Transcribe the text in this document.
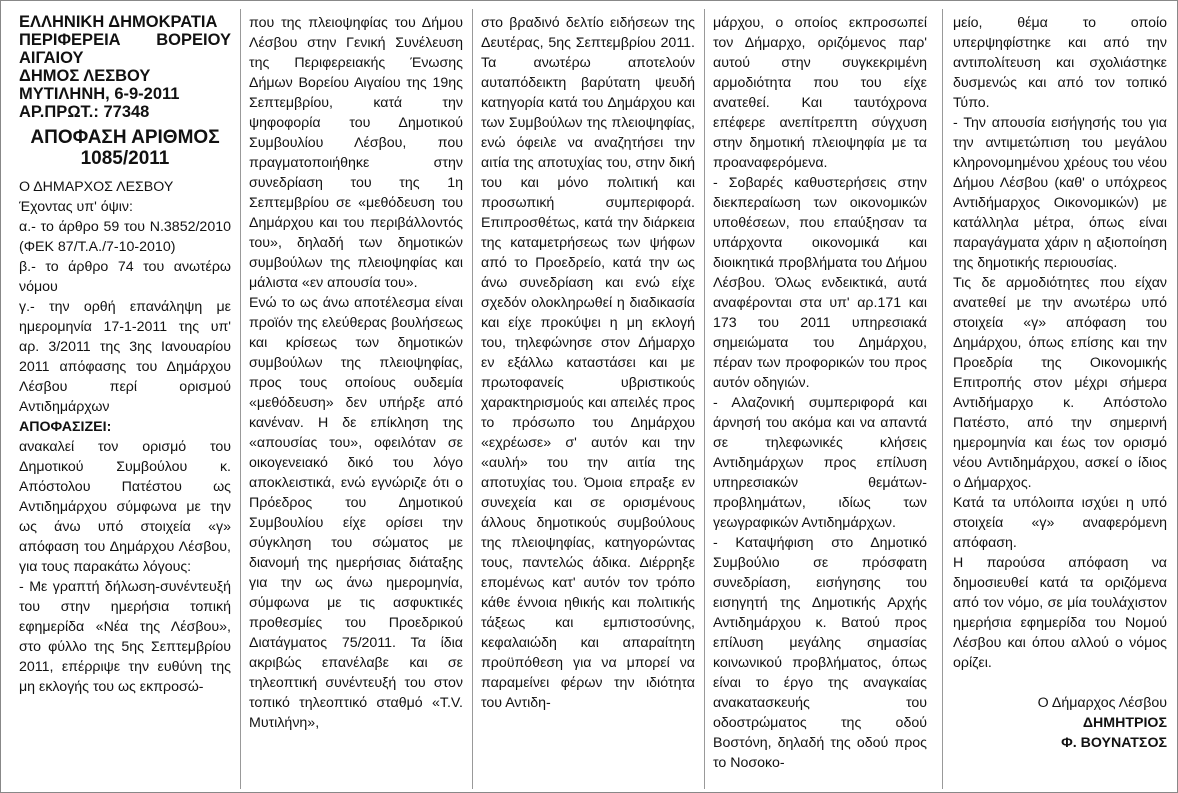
ΕΛΛΗΝΙΚΗ ΔΗΜΟΚΡΑΤΙΑ

ΠΕΡΙΦΕΡΕΙΑ ΒΟΡΕΙΟΥ ΑΙΓΑΙΟΥ

ΔΗΜΟΣ ΛΕΣΒΟΥ

ΜΥΤΙΛΗΝΗ, 6-9-2011

ΑΡ.ΠΡΩΤ.: 77348

ΑΠΟΦΑΣΗ ΑΡΙΘΜΟΣ
1085/2011

Ο ΔΗΜΑΡΧΟΣ ΛΕΣΒΟΥ

Έχοντας υπ' όψιν:

α.- το άρθρο 59 του Ν.3852/2010 (ΦΕΚ 87/Τ.Α./7-10-2010)

β.- το άρθρο 74 του ανωτέρω νόμου

γ.- την ορθή επανάληψη με ημερομηνία 17-1-2011 της υπ' αρ. 3/2011 της 3ης Ιανουαρίου 2011 απόφασης του Δημάρχου Λέσβου περί ορισμού Αντιδημάρχων

ΑΠΟΦΑΣΙΖΕΙ:

ανακαλεί τον ορισμό του Δημοτικού Συμβούλου κ. Απόστολου Πατέστου ως Αντιδημάρχου σύμφωνα με την ως άνω υπό στοιχεία «γ» απόφαση του Δημάρχου Λέσβου, για τους παρακάτω λόγους:

- Με γραπτή δήλωση-συνέντευξή του στην ημερήσια τοπική εφημερίδα «Νέα της Λέσβου», στο φύλλο της 5ης Σεπτεμβρίου 2011, επέρριψε την ευθύνη της μη εκλογής του ως εκπροσώ-

που της πλειοψηφίας του Δήμου Λέσβου στην Γενική Συνέλευση της Περιφερειακής Ένωσης Δήμων Βορείου Αιγαίου της 19ης Σεπτεμβρίου, κατά την ψηφοφορία του Δημοτικού Συμβουλίου Λέσβου, που πραγματοποιήθηκε στην συνεδρίαση του της 1η Σεπτεμβρίου σε «μεθόδευση του Δημάρχου και του περιβάλλοντός του», δηλαδή των δημοτικών συμβούλων της πλειοψηφίας και μάλιστα «εν απουσία του».

Ενώ το ως άνω αποτέλεσμα είναι προϊόν της ελεύθερας βουλήσεως και κρίσεως των δημοτικών συμβούλων της πλειοψηφίας, προς τους οποίους ουδεμία «μεθόδευση» δεν υπήρξε από κανέναν. Η δε επίκληση της «απουσίας του», οφειλόταν σε οικογενειακό δικό του λόγο αποκλειστικά, ενώ εγνώριζε ότι ο Πρόεδρος του Δημοτικού Συμβουλίου είχε ορίσει την σύγκληση του σώματος με διανομή της ημερήσιας διάταξης για την ως άνω ημερομηνία, σύμφωνα με τις ασφυκτικές προθεσμίες του Προεδρικού Διατάγματος 75/2011. Τα ίδια ακριβώς επανέλαβε και σε τηλεοπτική συνέντευξή του στον τοπικό τηλεοπτικό σταθμό «T.V. Μυτιλήνη»,

στο βραδινό δελτίο ειδήσεων της Δευτέρας, 5ης Σεπτεμβρίου 2011. Τα ανωτέρω αποτελούν αυταπόδεικτη βαρύτατη ψευδή κατηγορία κατά του Δημάρχου και των Συμβούλων της πλειοψηφίας, ενώ όφειλε να αναζητήσει την αιτία της αποτυχίας του, στην δική του και μόνο πολιτική και προσωπική συμπεριφορά. Επιπροσθέτως, κατά την διάρκεια της καταμετρήσεως των ψήφων από το Προεδρείο, κατά την ως άνω συνεδρίαση και ενώ είχε σχεδόν ολοκληρωθεί η διαδικασία και είχε προκύψει η μη εκλογή του, τηλεφώνησε στον Δήμαρχο εν εξάλλω καταστάσει και με πρωτοφανείς υβριστικούς χαρακτηρισμούς και απειλές προς το πρόσωπο του Δημάρχου «εχρέωσε» σ' αυτόν και την «αυλή» του την αιτία της αποτυχίας του. Όμοια επραξε εν συνεχεία και σε ορισμένους άλλους δημοτικούς συμβούλους της πλειοψηφίας, κατηγορώντας τους, παντελώς άδικα. Διέρρηξε επομένως κατ' αυτόν τον τρόπο κάθε έννοια ηθικής και πολιτικής τάξεως και εμπιστοσύνης, κεφαλαιώδη και απαραίτητη προϋπόθεση για να μπορεί να παραμείνει φέρων την ιδιότητα του Αντιδη-

μάρχου, ο οποίος εκπροσωπεί τον Δήμαρχο, οριζόμενος παρ' αυτού στην συγκεκριμένη αρμοδιότητα που του είχε ανατεθεί. Και ταυτόχρονα επέφερε ανεπίτρεπτη σύγχυση στην δημοτική πλειοψηφία με τα προαναφερόμενα.

- Σοβαρές καθυστερήσεις στην διεκπεραίωση των οικονομικών υποθέσεων, που επαύξησαν τα υπάρχοντα οικονομικά και διοικητικά προβλήματα του Δήμου Λέσβου. Όλως ενδεικτικά, αυτά αναφέρονται στα υπ' αρ.171 και 173 του 2011 υπηρεσιακά σημειώματα του Δημάρχου, πέραν των προφορικών του προς αυτόν οδηγιών.

- Αλαζονική συμπεριφορά και άρνησή του ακόμα και να απαντά σε τηλεφωνικές κλήσεις Αντιδημάρχων προς επίλυση υπηρεσιακών θεμάτων-προβλημάτων, ιδίως των γεωγραφικών Αντιδημάρχων.

- Καταψήφιση στο Δημοτικό Συμβούλιο σε πρόσφατη συνεδρίαση, εισήγησης του εισηγητή της Δημοτικής Αρχής Αντιδημάρχου κ. Βατού προς επίλυση μεγάλης σημασίας κοινωνικού προβλήματος, όπως είναι το έργο της αναγκαίας ανακατασκευής του οδοστρώματος της οδού Βοστόνη, δηλαδή της οδού προς το Νοσοκο-

μείο, θέμα το οποίο υπερψηφίστηκε και από την αντιπολίτευση και σχολιάστηκε δυσμενώς και από τον τοπικό Τύπο.

- Την απουσία εισήγησής του για την αντιμετώπιση του μεγάλου κληρονομημένου χρέους του νέου Δήμου Λέσβου (καθ' ο υπόχρεος Αντιδήμαρχος Οικονομικών) με κατάλληλα μέτρα, όπως είναι παραγάγματα χάριν η αξιοποίηση της δημοτικής περιουσίας.

Τις δε αρμοδιότητες που είχαν ανατεθεί με την ανωτέρω υπό στοιχεία «γ» απόφαση του Δημάρχου, όπως επίσης και την Προεδρία της Οικονομικής Επιτροπής στον μέχρι σήμερα Αντιδήμαρχο κ. Απόστολο Πατέστο, από την σημερινή ημερομηνία και έως τον ορισμό νέου Αντιδημάρχου, ασκεί ο ίδιος ο Δήμαρχος.

Κατά τα υπόλοιπα ισχύει η υπό στοιχεία «γ» αναφερόμενη απόφαση.

Η παρούσα απόφαση να δημοσιευθεί κατά τα οριζόμενα από τον νόμο, σε μία τουλάχιστον ημερήσια εφημερίδα του Νομού Λέσβου και όπου αλλού ο νόμος ορίζει.

Ο Δήμαρχος Λέσβου

ΔΗΜΗΤΡΙΟΣ

Φ. ΒΟΥΝΑΤΣΟΣ
